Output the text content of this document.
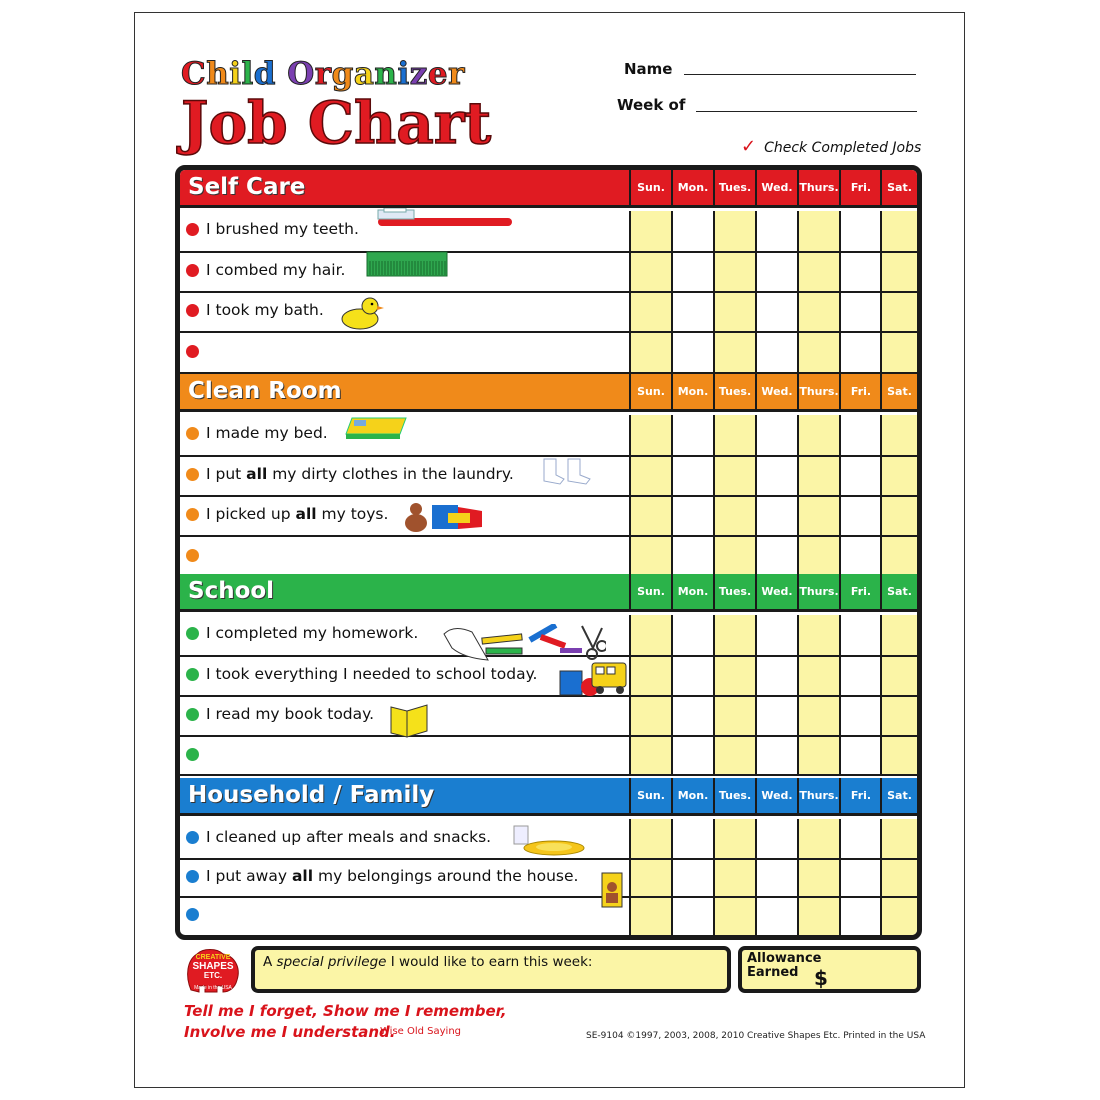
Child Organizer
Job Chart
Name
Week of
✓ Check Completed Jobs
Self Care	Sun.	Mon. Tues. Wed. Thurs.	Fri.	Sat.
I brushed my teeth.
I combed my hair.
I took my bath.
Clean Room	Sun.	Mon. Tues. Wed. Thurs.	Fri.	Sat.
I made my bed.
I put all my dirty clothes in the laundry.
I picked up all my toys.
School	Sun.	Mon. Tues. Wed. Thurs.	Fri.	Sat.
I completed my homework.
I took everything I needed to school today.
I read my book today.
Household / Family	Sun.	Mon. Tues. Wed. Thurs.	Fri.	Sat.
I cleaned up after meals and snacks.
I put away all my belongings around the house.
CREATIVE
SHAPES
ETC.
Made in the USA
A special privilege I would like to earn this week:	Allowance Earned $
Tell me I forget, Show me I remember,
Involve me I understand.
Wise Old Saying	SE-9104 ©1997, 2003, 2008, 2010 Creative Shapes Etc. Printed in the USA
